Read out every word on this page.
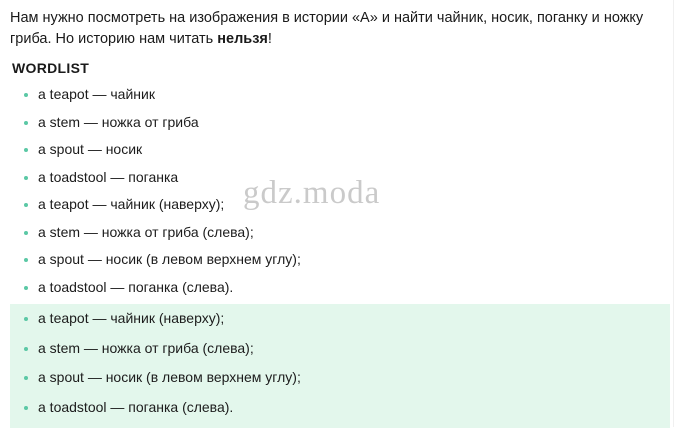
Нам нужно посмотреть на изображения в истории «A» и найти чайник, носик, поганку и ножку гриба. Но историю нам читать нельзя!

WORDLIST
a teapot — чайник
a stem — ножка от гриба
a spout — носик
a toadstool — поганка
a teapot — чайник (наверху);
a stem — ножка от гриба (слева);
a spout — носик (в левом верхнем углу);
a toadstool — поганка (слева).
a teapot — чайник (наверху);
a stem — ножка от гриба (слева);
a spout — носик (в левом верхнем углу);
a toadstool — поганка (слева).
gdz.moda
